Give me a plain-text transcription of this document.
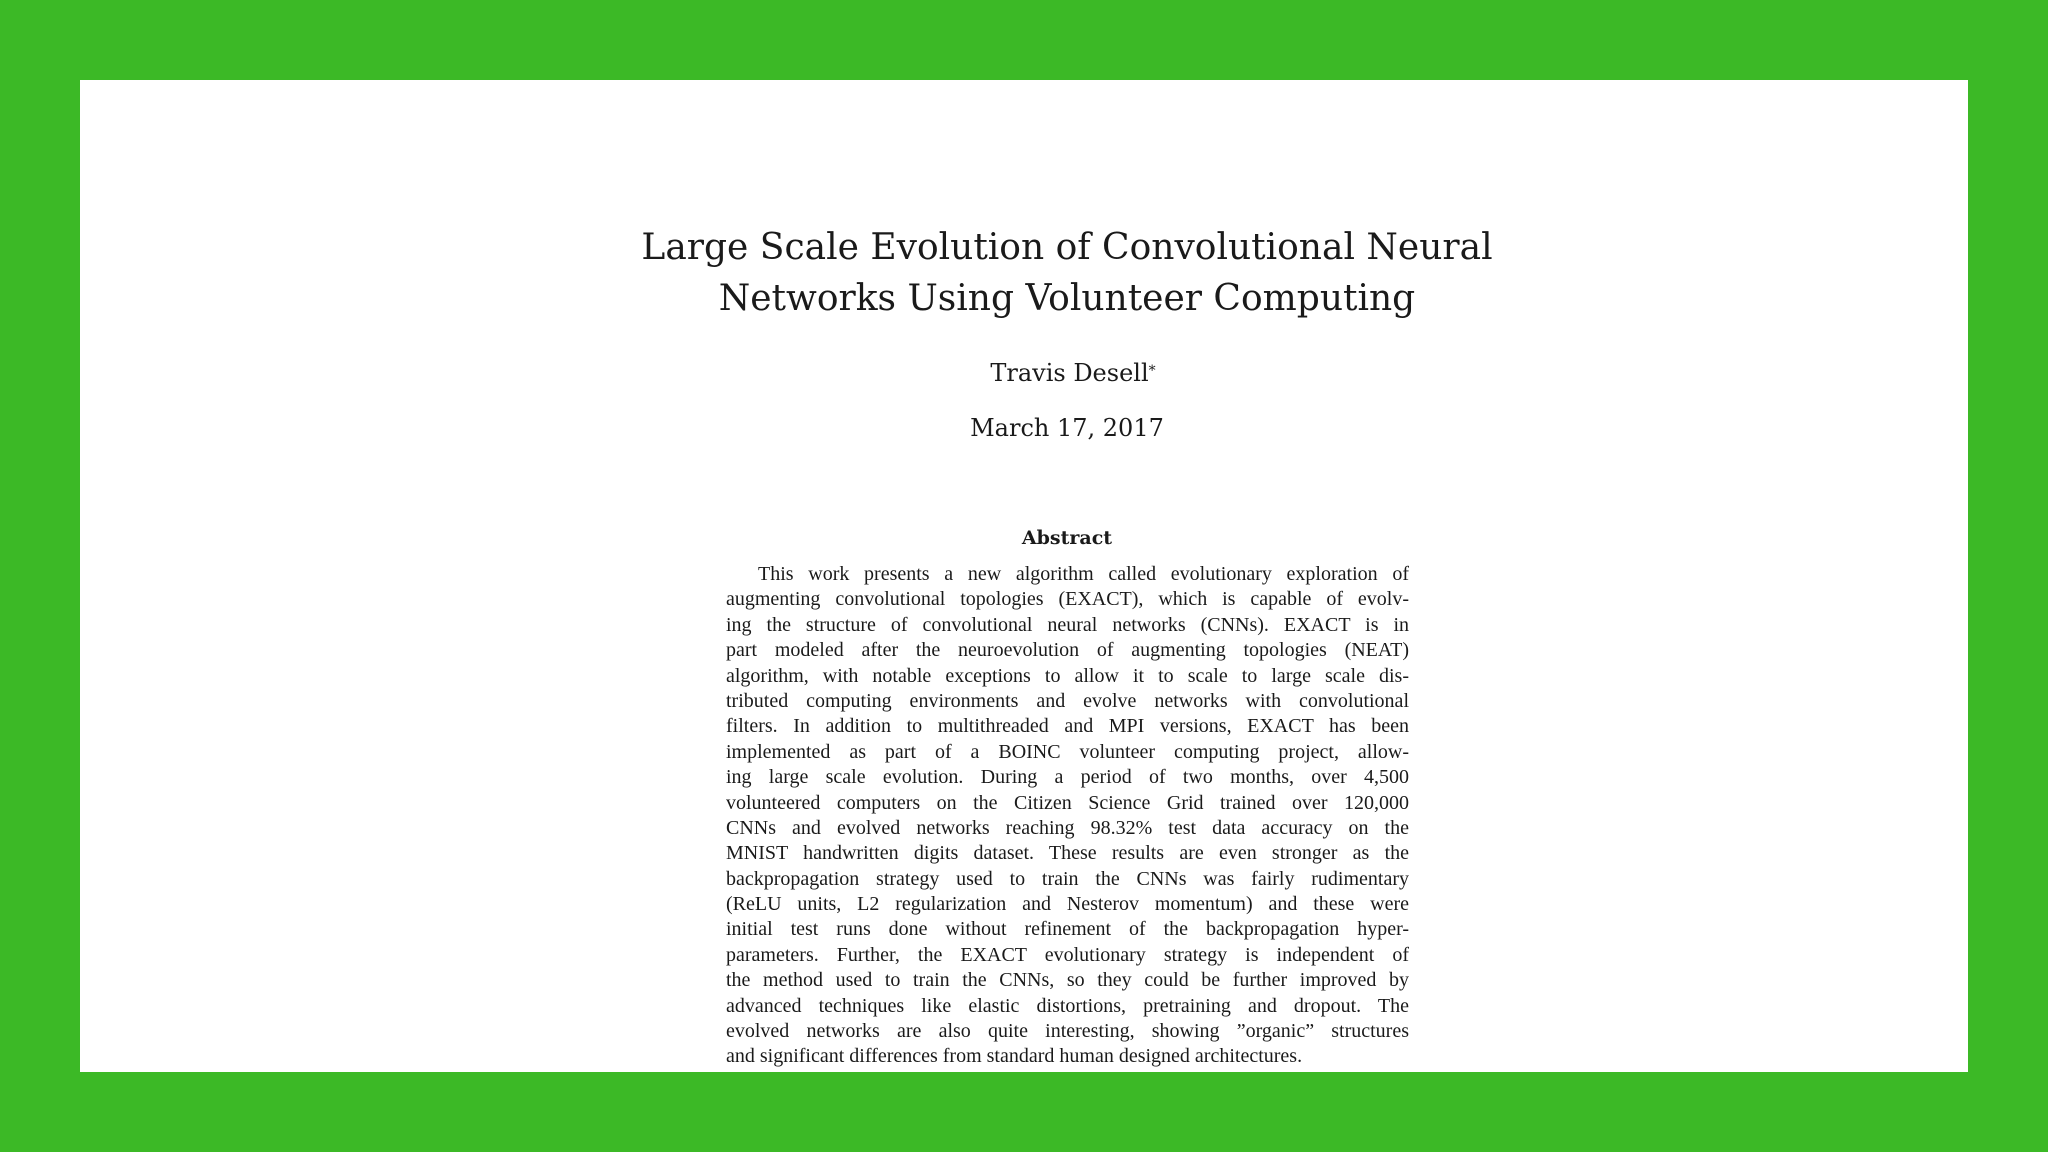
Large Scale Evolution of Convolutional Neural
Networks Using Volunteer Computing
Travis Desell*
March 17, 2017
Abstract
This work presents a new algorithm called evolutionary exploration of
augmenting convolutional topologies (EXACT), which is capable of evolv-
ing the structure of convolutional neural networks (CNNs). EXACT is in
part modeled after the neuroevolution of augmenting topologies (NEAT)
algorithm, with notable exceptions to allow it to scale to large scale dis-
tributed computing environments and evolve networks with convolutional
filters. In addition to multithreaded and MPI versions, EXACT has been
implemented as part of a BOINC volunteer computing project, allow-
ing large scale evolution. During a period of two months, over 4,500
volunteered computers on the Citizen Science Grid trained over 120,000
CNNs and evolved networks reaching 98.32% test data accuracy on the
MNIST handwritten digits dataset. These results are even stronger as the
backpropagation strategy used to train the CNNs was fairly rudimentary
(ReLU units, L2 regularization and Nesterov momentum) and these were
initial test runs done without refinement of the backpropagation hyper-
parameters. Further, the EXACT evolutionary strategy is independent of
the method used to train the CNNs, so they could be further improved by
advanced techniques like elastic distortions, pretraining and dropout. The
evolved networks are also quite interesting, showing ”organic” structures
and significant differences from standard human designed architectures.
